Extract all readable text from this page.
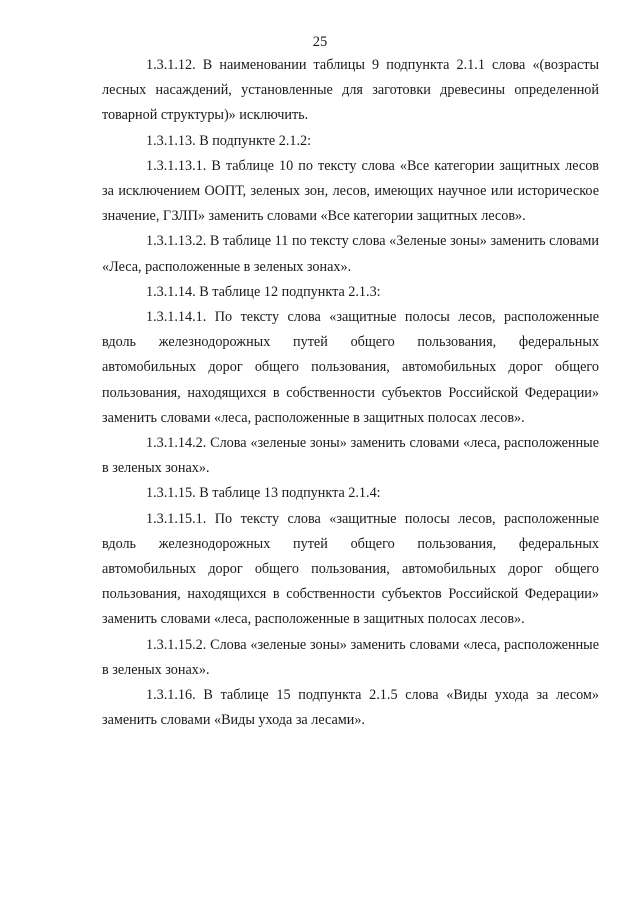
25

1.3.1.12. В наименовании таблицы 9 подпункта 2.1.1 слова «(возрасты лесных насаждений, установленные для заготовки древесины определенной товарной структуры)» исключить.

1.3.1.13. В подпункте 2.1.2:

1.3.1.13.1. В таблице 10 по тексту слова «Все категории защитных лесов за исключением ООПТ, зеленых зон, лесов, имеющих научное или историческое значение, ГЗЛП» заменить словами «Все категории защитных лесов».

1.3.1.13.2. В таблице 11 по тексту слова «Зеленые зоны» заменить словами «Леса, расположенные в зеленых зонах».

1.3.1.14. В таблице 12 подпункта 2.1.3:

1.3.1.14.1. По тексту слова «защитные полосы лесов, расположенные вдоль железнодорожных путей общего пользования, федеральных автомобильных дорог общего пользования, автомобильных дорог общего пользования, находящихся в собственности субъектов Российской Федерации» заменить словами «леса, расположенные в защитных полосах лесов».

1.3.1.14.2. Слова «зеленые зоны» заменить словами «леса, расположенные в зеленых зонах».

1.3.1.15. В таблице 13 подпункта 2.1.4:

1.3.1.15.1. По тексту слова «защитные полосы лесов, расположенные вдоль железнодорожных путей общего пользования, федеральных автомобильных дорог общего пользования, автомобильных дорог общего пользования, находящихся в собственности субъектов Российской Федерации» заменить словами «леса, расположенные в защитных полосах лесов».

1.3.1.15.2. Слова «зеленые зоны» заменить словами «леса, расположенные в зеленых зонах».

1.3.1.16. В таблице 15 подпункта 2.1.5 слова «Виды ухода за лесом» заменить словами «Виды ухода за лесами».
